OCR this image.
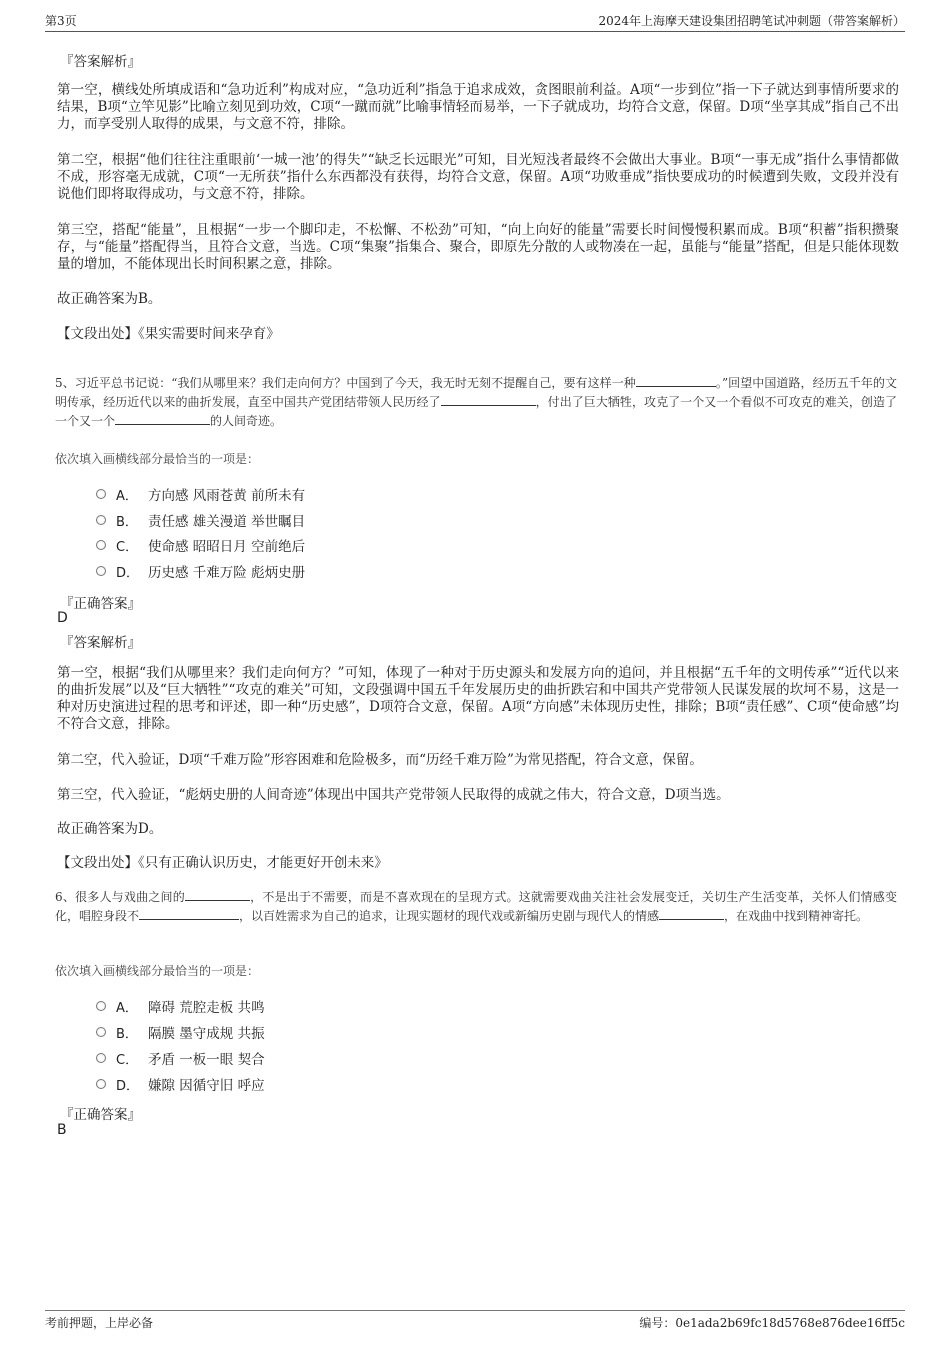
第3页	2024年上海摩天建设集团招聘笔试冲刺题（带答案解析）
『答案解析』
第一空，横线处所填成语和“急功近利”构成对应，“急功近利”指急于追求成效，贪图眼前利益。A项“一步到位”指一下子就达到事情所要求的结果，B项“立竿见影”比喻立刻见到功效，C项“一蹴而就”比喻事情轻而易举，一下子就成功，均符合文意，保留。D项“坐享其成”指自己不出力，而享受别人取得的成果，与文意不符，排除。
第二空，根据“他们往往注重眼前‘一城一池’的得失”“缺乏长远眼光”可知，目光短浅者最终不会做出大事业。B项“一事无成”指什么事情都做不成，形容毫无成就，C项“一无所获”指什么东西都没有获得，均符合文意，保留。A项“功败垂成”指快要成功的时候遭到失败，文段并没有说他们即将取得成功，与文意不符，排除。
第三空，搭配“能量”，且根据“一步一个脚印走，不松懈、不松劲”可知，“向上向好的能量”需要长时间慢慢积累而成。B项“积蓄”指积攒聚存，与“能量”搭配得当，且符合文意，当选。C项“集聚”指集合、聚合，即原先分散的人或物凑在一起，虽能与“能量”搭配，但是只能体现数量的增加，不能体现出长时间积累之意，排除。
故正确答案为B。
【文段出处】《果实需要时间来孕育》
5、习近平总书记说：“我们从哪里来？我们走向何方？中国到了今天，我无时无刻不提醒自己，要有这样一种	。”回望中国道路，经历五千年的文明传承，经历近代以来的曲折发展，直至中国共产党团结带领人民历经了	，付出了巨大牺牲，攻克了一个又一个看似不可攻克的难关，创造了一个又一个	的人间奇迹。
依次填入画横线部分最恰当的一项是：
A． 方向感 风雨苍黄 前所未有
B． 责任感 雄关漫道 举世瞩目
C． 使命感 昭昭日月 空前绝后
D． 历史感 千难万险 彪炳史册
『正确答案』
D
『答案解析』
第一空，根据“我们从哪里来？我们走向何方？”可知，体现了一种对于历史源头和发展方向的追问，并且根据“五千年的文明传承”“近代以来的曲折发展”以及“巨大牺牲”“攻克的难关”可知，文段强调中国五千年发展历史的曲折跌宕和中国共产党带领人民谋发展的坎坷不易，这是一种对历史演进过程的思考和评述，即一种“历史感”，D项符合文意，保留。A项“方向感”未体现历史性，排除；B项“责任感”、C项“使命感”均不符合文意，排除。
第二空，代入验证，D项“千难万险”形容困难和危险极多，而“历经千难万险”为常见搭配，符合文意，保留。
第三空，代入验证，“彪炳史册的人间奇迹”体现出中国共产党带领人民取得的成就之伟大，符合文意，D项当选。
故正确答案为D。
【文段出处】《只有正确认识历史，才能更好开创未来》
6、很多人与戏曲之间的	，不是出于不需要，而是不喜欢现在的呈现方式。这就需要戏曲关注社会发展变迁，关切生产生活变革，关怀人们情感变化，唱腔身段不	，以百姓需求为自己的追求，让现实题材的现代戏或新编历史剧与现代人的情感	，在戏曲中找到精神寄托。
依次填入画横线部分最恰当的一项是：
A． 障碍 荒腔走板 共鸣
B． 隔膜 墨守成规 共振
C． 矛盾 一板一眼 契合
D． 嫌隙 因循守旧 呼应
『正确答案』
B
考前押题，上岸必备	编号：0e1ada2b69fc18d5768e876dee16ff5c
